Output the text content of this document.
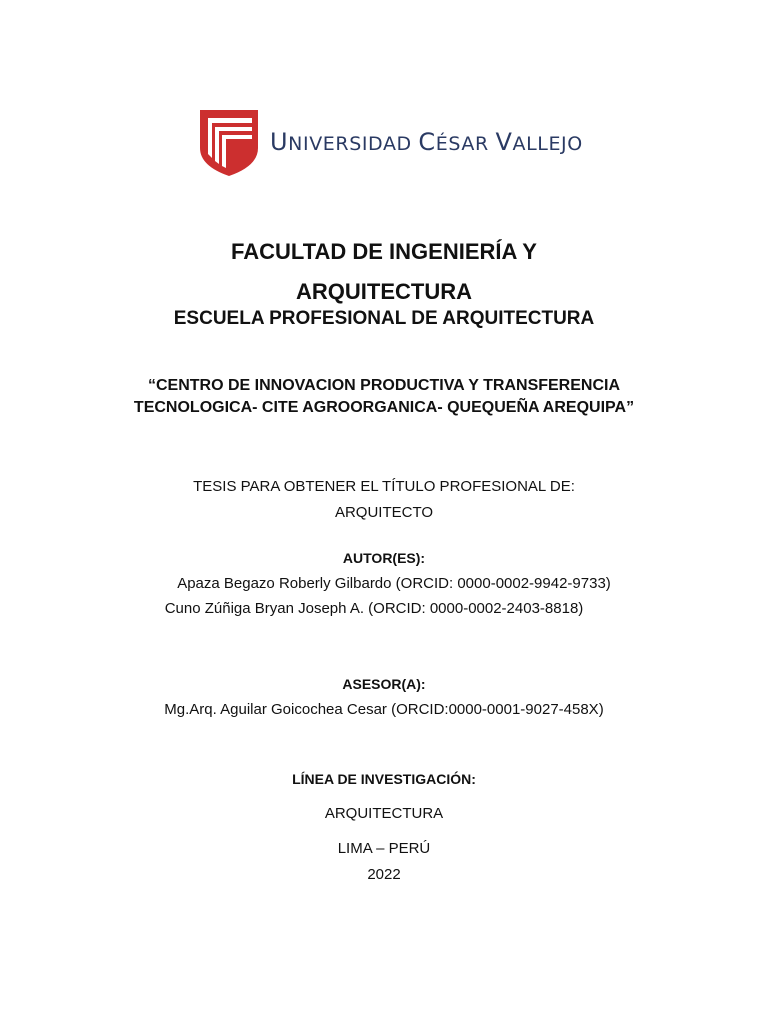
UNIVERSIDAD CÉSAR VALLEJO
FACULTAD DE INGENIERÍA Y
ARQUITECTURA
ESCUELA PROFESIONAL DE ARQUITECTURA
“CENTRO DE INNOVACION PRODUCTIVA Y TRANSFERENCIA TECNOLOGICA- CITE AGROORGANICA- QUEQUEÑA AREQUIPA”
TESIS PARA OBTENER EL TÍTULO PROFESIONAL DE:
ARQUITECTO
AUTOR(ES):
Apaza Begazo Roberly Gilbardo (ORCID: 0000-0002-9942-9733)
Cuno Zúñiga Bryan Joseph A. (ORCID: 0000-0002-2403-8818)
ASESOR(A):
Mg.Arq. Aguilar Goicochea Cesar (ORCID:0000-0001-9027-458X)
LÍNEA DE INVESTIGACIÓN:
ARQUITECTURA
LIMA – PERÚ
2022
